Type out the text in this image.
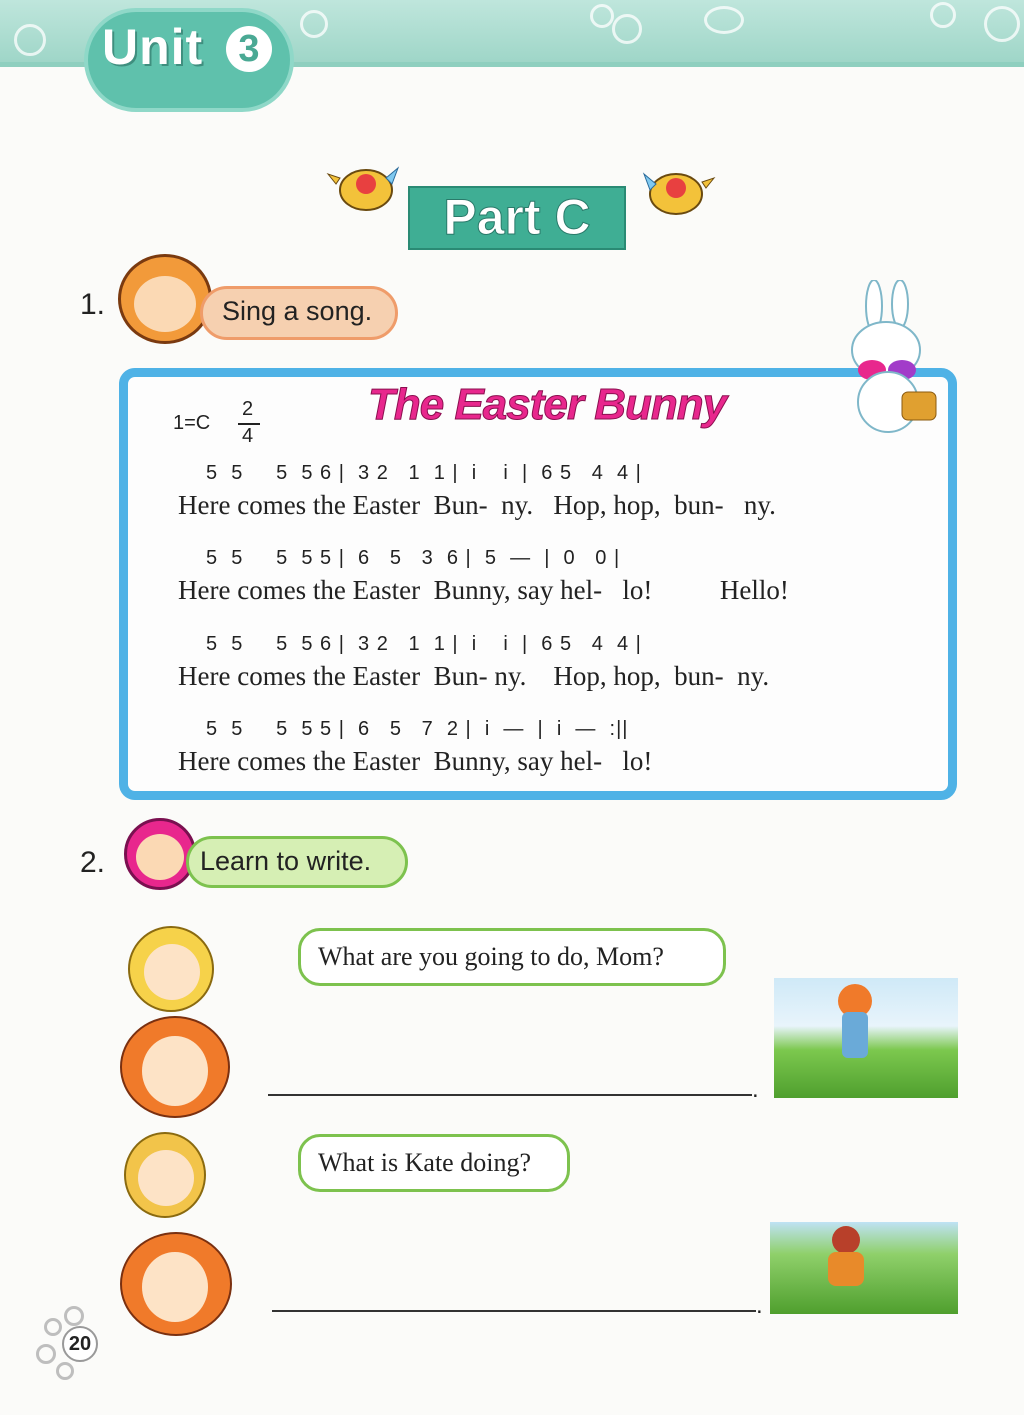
Unit 3
Part C
1.	Sing a song.
The Easter Bunny
1=C
2
4
5  5     5  5 6 |  3 2   1  1 |  i    i  |  6 5   4  4 |
Here comes the Easter  Bun-  ny.   Hop, hop,  bun-   ny.
5  5     5  5 5 |  6   5   3  6 |  5  —  |  0   0 |
Here comes the Easter  Bunny, say hel-   lo!          Hello!
5  5     5  5 6 |  3 2   1  1 |  i    i  |  6 5   4  4 |
Here comes the Easter  Bun- ny.    Hop, hop,  bun-  ny.
5  5     5  5 5 |  6   5   7  2 |  i  —  |  i  —  :||
Here comes the Easter  Bunny, say hel-   lo!
2.	Learn to write.
What are you going to do, Mom?
.
What is Kate doing?
.
20
